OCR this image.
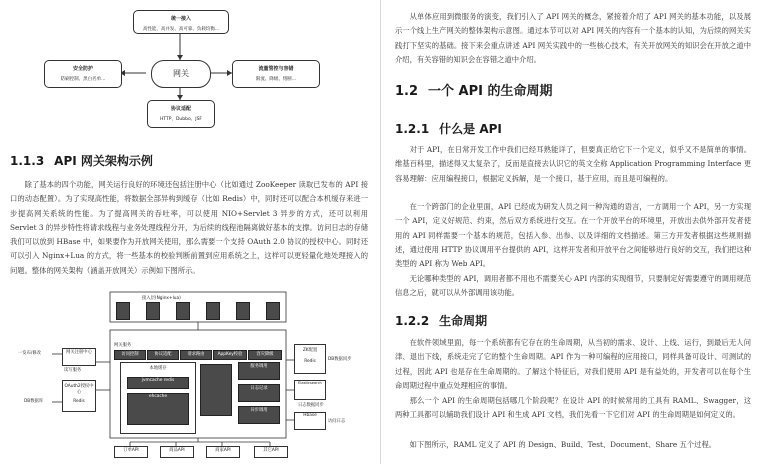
统一接入
高性能、高并发、高可靠、负载均衡...
安全防护
防刷控制、黑白名单...
网关	流量管控与容错
限流、降级、熔断...
协议适配
HTTP、Dubbo、JSF
1.1.3 API 网关架构示例

除了基本的四个功能，网关运行良好的环境还包括注册中心（比如通过 ZooKeeper 读取已发布的 API 接口的动态配置）。为了实现高性能，将数据全部异构到缓存（比如 Redis）中，同时还可以配合本机缓存来进一步提高网关系统的性能。为了提高网关的吞吐率，可以使用 NIO+Servlet 3 异步的方式，还可以利用 Servlet 3 的异步特性将请求线程与业务处理线程分开，为后续的线程池隔离做好基本的支撑。访问日志的存储我们可以放到 HBase 中，如果要作为开放网关使用，那么需要一个支持 OAuth 2.0 协议的授权中心。同时还可以引入 Nginx+Lua 的方式，将一些基本的校验判断前置到应用系统之上，这样可以更轻量化地处理接入的问题。整体的网关架构（涵盖开放网关）示例如下图所示。

接入层(Nginx+lua)
网关服务
访问控制	协议适配	请求路由	AppKey校验	容灾降级
本地缓存
jvmcache redis
ehcache
服务调用
日志记录
异步调用
网关注册中心
读写服务
OAuth2授权中心
Redis
一发布/修改
DB数据库
ZK配置
Redis	DB数据同步
Elasticsearch
日志数据同步
Hbase
访问日志
订单API	商品API	商家API	其它API

从单体应用到微服务的演变，我们引入了 API 网关的概念，紧接着介绍了 API 网关的基本功能，以及展示一个线上生产网关的整体架构示意图。通过本节可以对 API 网关的内容有一个基本的认知，为后续的网关实践打下坚实的基础。接下来会重点讲述 API 网关实践中的一些核心技术，有关开放网关的知识会在开放之道中介绍，有关容错的知识会在容错之道中介绍。

1.2 一个 API 的生命周期
1.2.1 什么是 API

对于 API，在日常开发工作中我们已经耳熟能详了，但要真正给它下一个定义，似乎又不是简单的事情。维基百科里，描述得又太复杂了，反而是直接去认识它的英文全称 Application Programming Interface 更容易理解：应用编程接口，根据定义拆解，是一个接口，基于应用，而且是可编程的。

在一个跨部门的企业里面，API 已经成为研发人员之间一种沟通的语言，一方调用一个 API，另一方实现一个 API，定义好规范、约束，然后双方系统进行交互。在一个开放平台的环境里，开放出去供外部开发者使用的 API 同样需要一个基本的规范，包括入参、出参、以及详细的文档描述。第三方开发者根据这些规则描述，通过使用 HTTP 协议调用平台提供的 API，这样开发者和开放平台之间能够进行良好的交互，我们把这种类型的 API 称为 Web API。

无论哪种类型的 API，调用者都不用也不需要关心 API 内部的实现细节，只要制定好需要遵守的调用规范信息之后，就可以从外部调用该功能。

1.2.2 生命周期

在软件领域里面，每一个系统都有它存在的生命周期，从当初的需求、设计、上线、运行，到最后无人问津、退出下线，系统走完了它的整个生命周期。API 作为一种可编程的应用接口，同样具备可设计、可测试的过程，因此 API 也是存在生命周期的。了解这个特征后，对我们使用 API 是有益处的，开发者可以在每个生命周期过程中重点处理相应的事情。

那么一个 API 的生命周期包括哪几个阶段呢？在设计 API 的时候常用的工具有 RAML、Swagger，这两种工具都可以辅助我们设计 API 和生成 API 文档，我们先看一下它们对 API 的生命周期是如何定义的。

如下图所示，RAML 定义了 API 的 Design、Build、Test、Document、Share 五个过程。
